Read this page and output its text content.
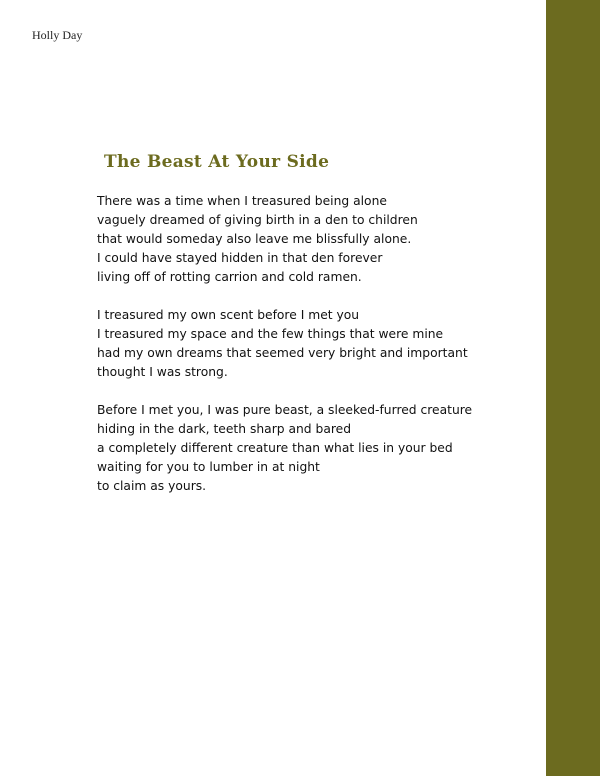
Holly Day
The Beast At Your Side
There was a time when I treasured being alone
vaguely dreamed of giving birth in a den to children
that would someday also leave me blissfully alone.
I could have stayed hidden in that den forever
living off of rotting carrion and cold ramen.
I treasured my own scent before I met you
I treasured my space and the few things that were mine
had my own dreams that seemed very bright and important
thought I was strong.
Before I met you, I was pure beast, a sleeked-furred creature
hiding in the dark, teeth sharp and bared
a completely different creature than what lies in your bed
waiting for you to lumber in at night
to claim as yours.
